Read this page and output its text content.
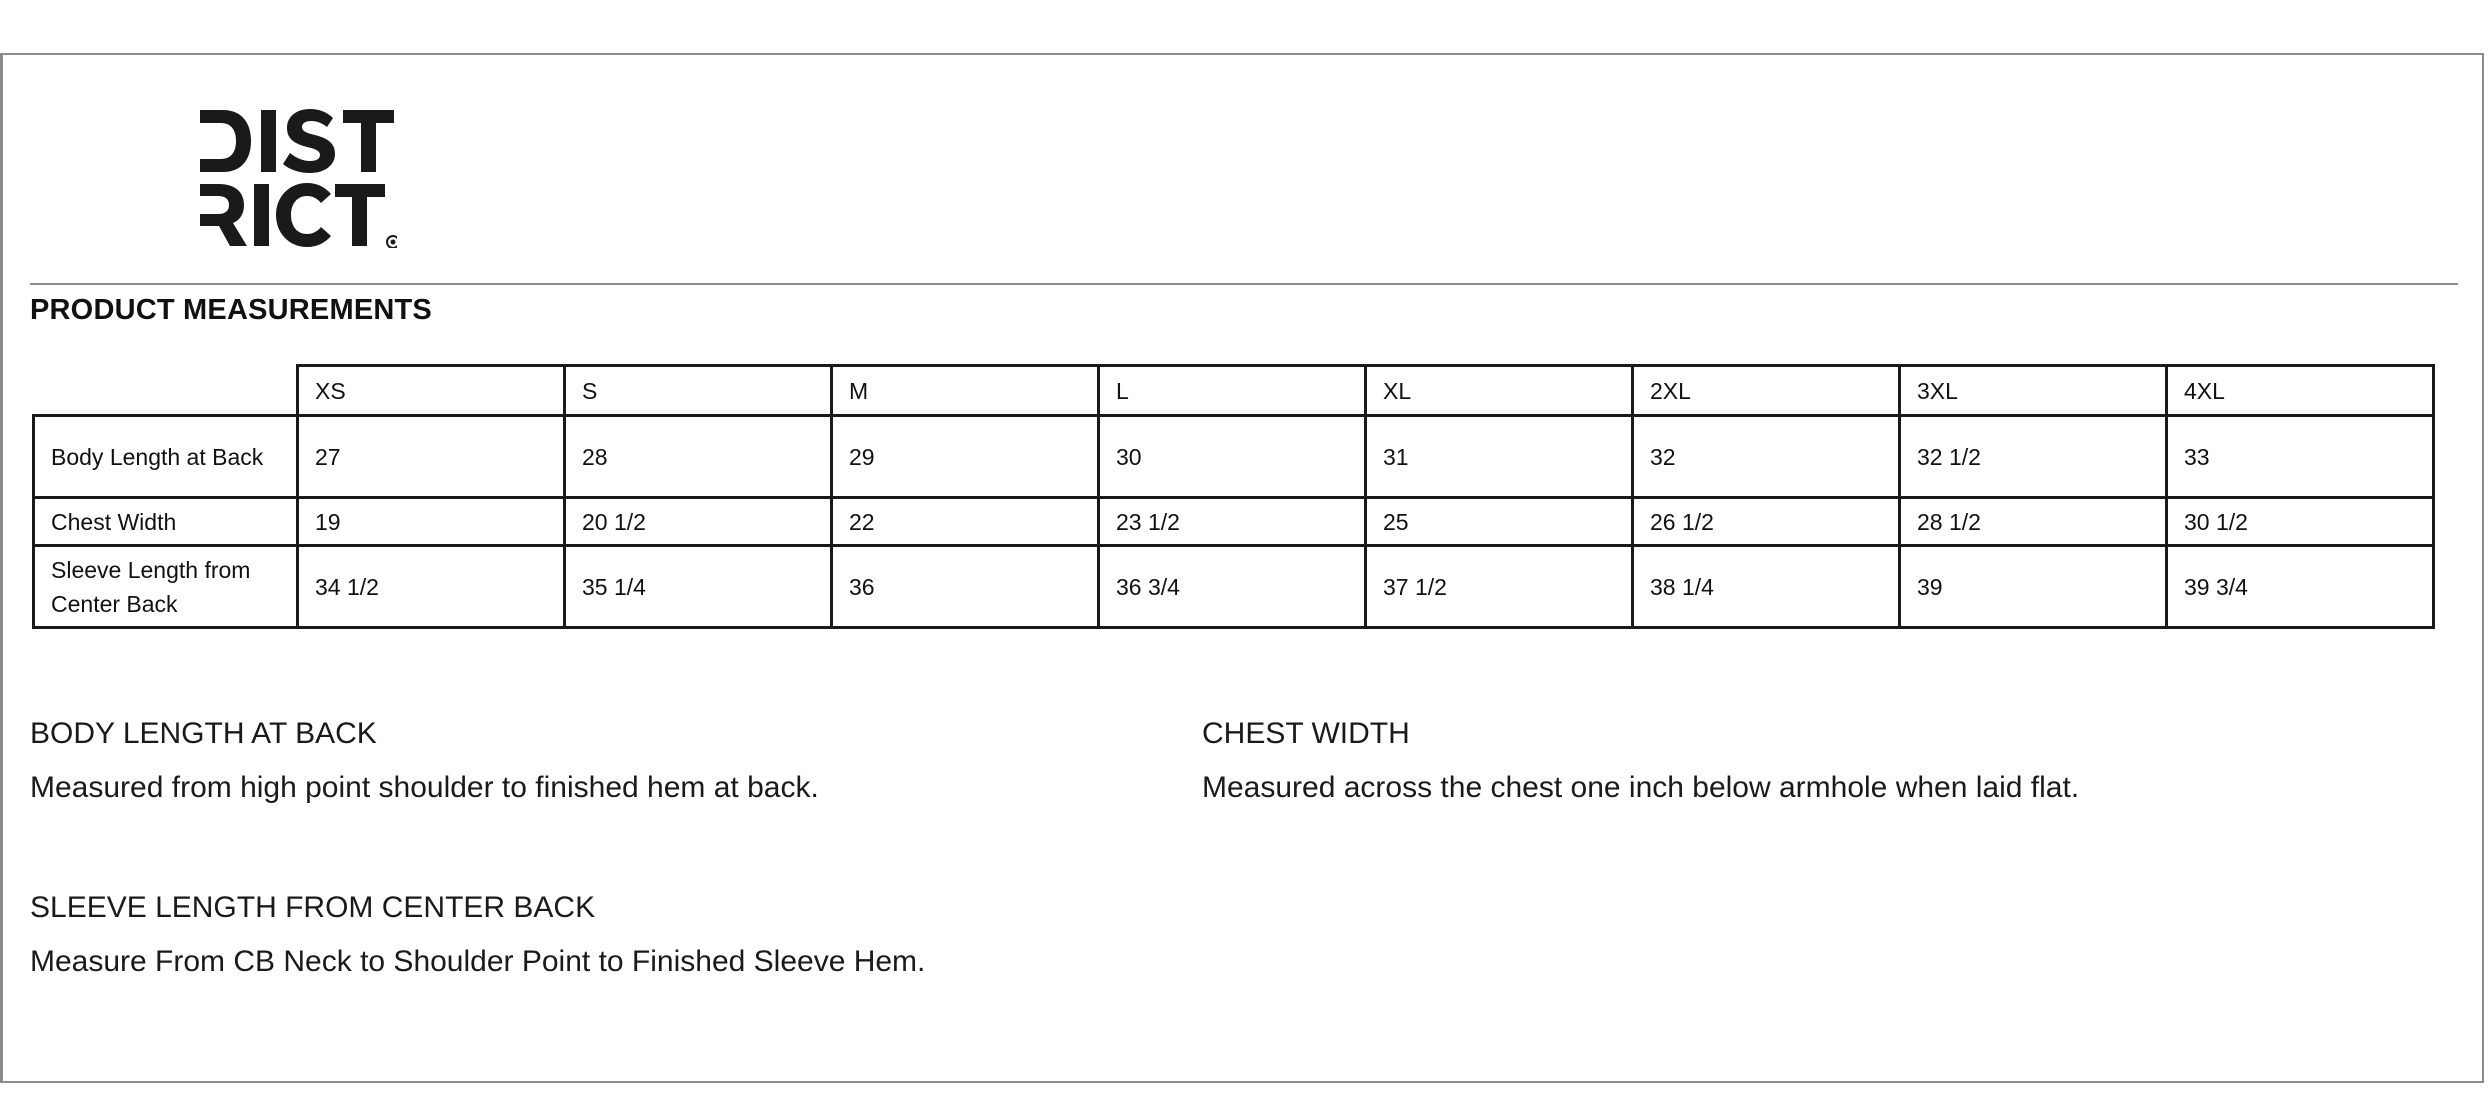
PRODUCT MEASUREMENTS
	XS	S	M	L	XL	2XL	3XL	4XL
Body Length at Back	27	28	29	30	31	32	32 1/2	33
Chest Width	19	20 1/2	22	23 1/2	25	26 1/2	28 1/2	30 1/2
Sleeve Length from Center Back	34 1/2	35 1/4	36	36 3/4	37 1/2	38 1/4	39	39 3/4
BODY LENGTH AT BACK
Measured from high point shoulder to finished hem at back.
CHEST WIDTH
Measured across the chest one inch below armhole when laid flat.
SLEEVE LENGTH FROM CENTER BACK
Measure From CB Neck to Shoulder Point to Finished Sleeve Hem.
